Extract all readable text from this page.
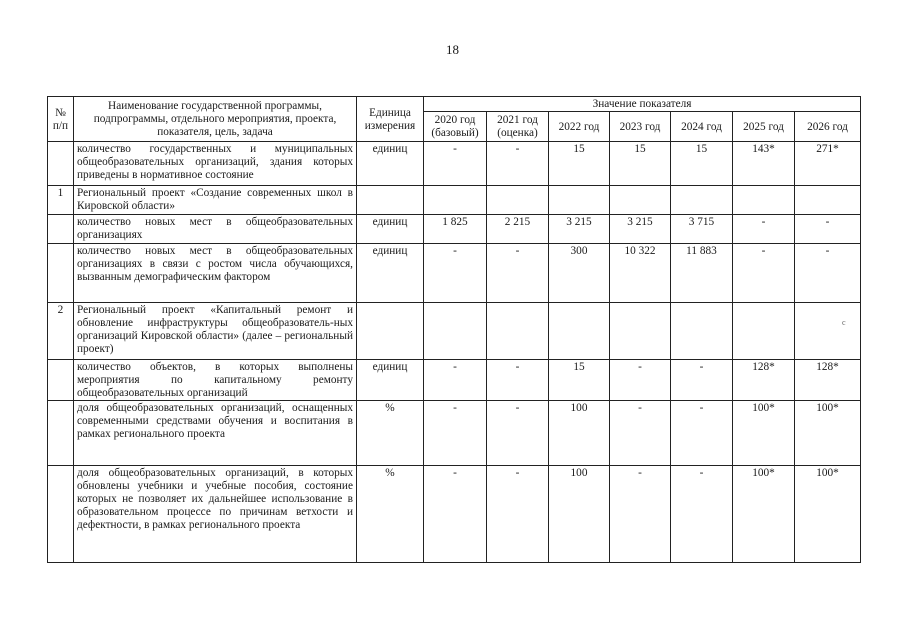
18
№
п/п	Наименование государственной программы, подпрограммы, отдельного мероприятия, проекта, показателя, цель, задача	Единица измерения	Значение показателя						
			2020 год (базовый)	2021 год (оценка)	2022 год	2023 год	2024 год	2025 год	2026 год
	количество государственных и муниципальных общеобразовательных организаций, здания которых приведены в нормативное состояние	единиц	-	-	15	15	15	143*	271*
1	Региональный проект «Создание современных школ в Кировской области»								
	количество новых мест в общеобразовательных организациях	единиц	1 825	2 215	3 215	3 215	3 715	-	-
	количество новых мест в общеобразовательных организациях в связи с ростом числа обучающихся, вызванным демографическим фактором	единиц	-	-	300	10 322	11 883	-	-
2	Региональный проект «Капитальный ремонт и обновление инфраструктуры общеобразователь-ных организаций Кировской области» (далее – региональный проект)								
	количество объектов, в которых выполнены мероприятия по капитальному ремонту общеобразовательных организаций	единиц	-	-	15	-	-	128*	128*
	доля общеобразовательных организаций, оснащенных современными средствами обучения и воспитания в рамках регионального проекта	%	-	-	100	-	-	100*	100*
	доля общеобразовательных организаций, в которых обновлены учебники и учебные пособия, состояние которых не позволяет их дальнейшее использование в образовательном процессе по причинам ветхости и дефектности, в рамках регионального проекта	%	-	-	100	-	-	100*	100*
c
